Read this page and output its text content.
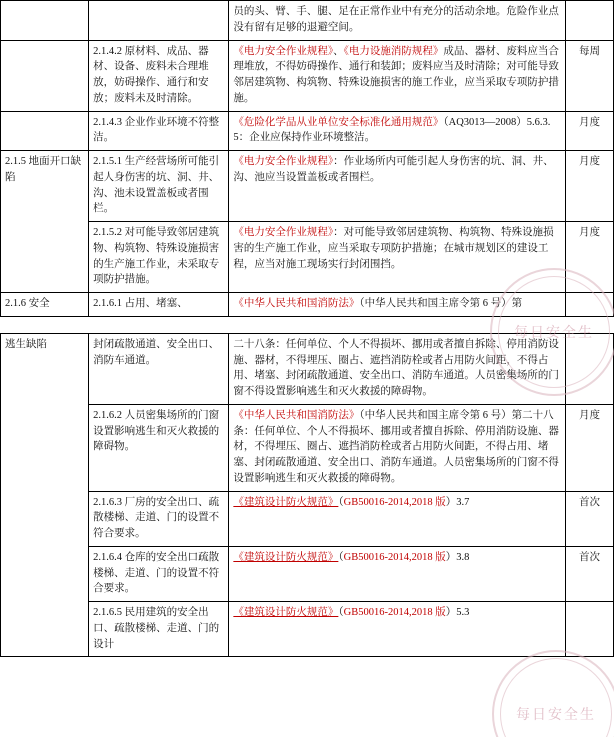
		员的头、臂、手、腿、足在正常作业中有充分的活动余地。危险作业点没有留有足够的退避空间。	
	2.1.4.2 原材料、成品、器材、设备、废料未合理堆放，妨碍操作、通行和安放；废料未及时清除。	《电力安全作业规程》、《电力设施消防规程》成品、器材、废料应当合理堆放，不得妨碍操作、通行和装卸；废料应当及时清除；对可能导致邻居建筑物、构筑物、特殊设施损害的施工作业，应当采取专项防护措施。	每周
	2.1.4.3 企业作业环境不符整洁。	《危险化学品从业单位安全标准化通用规范》（AQ3013—2008）5.6.3.5：企业应保持作业环境整洁。	月度
2.1.5 地面开口缺陷	2.1.5.1 生产经营场所可能引起人身伤害的坑、洞、井、沟、池未设置盖板或者围栏。	《电力安全作业规程》：作业场所内可能引起人身伤害的坑、洞、井、沟、池应当设置盖板或者围栏。	月度
	2.1.5.2 对可能导致邻居建筑物、构筑物、特殊设施损害的生产施工作业，未采取专项防护措施。	《电力安全作业规程》：对可能导致邻居建筑物、构筑物、特殊设施损害的生产施工作业，应当采取专项防护措施；在城市规划区的建设工程，应当对施工现场实行封闭围挡。	月度
2.1.6 安全	2.1.6.1 占用、堵塞、	《中华人民共和国消防法》（中华人民共和国主席令第 6 号）第	
逃生缺陷	封闭疏散通道、安全出口、消防车通道。	二十八条：任何单位、个人不得损坏、挪用或者擅自拆除、停用消防设施、器材，不得埋压、圈占、遮挡消防栓或者占用防火间距，不得占用、堵塞、封闭疏散通道、安全出口、消防车通道。人员密集场所的门窗不得设置影响逃生和灭火救援的障碍物。	
	2.1.6.2 人员密集场所的门窗设置影响逃生和灭火救援的障碍物。	《中华人民共和国消防法》（中华人民共和国主席令第 6 号）第二十八条：任何单位、个人不得损坏、挪用或者擅自拆除、停用消防设施、器材，不得埋压、圈占、遮挡消防栓或者占用防火间距，不得占用、堵塞、封闭疏散通道、安全出口、消防车通道。人员密集场所的门窗不得设置影响逃生和灭火救援的障碍物。	月度
	2.1.6.3 厂房的安全出口、疏散楼梯、走道、门的设置不符合要求。	《建筑设计防火规范》（GB50016-2014,2018 版）3.7	首次
	2.1.6.4 仓库的安全出口疏散楼梯、走道、门的设置不符合要求。	《建筑设计防火规范》（GB50016-2014,2018 版）3.8	首次
	2.1.6.5 民用建筑的安全出口、疏散楼梯、走道、门的设计	《建筑设计防火规范》（GB50016-2014,2018 版）5.3	
每日安全生
每日安全生
